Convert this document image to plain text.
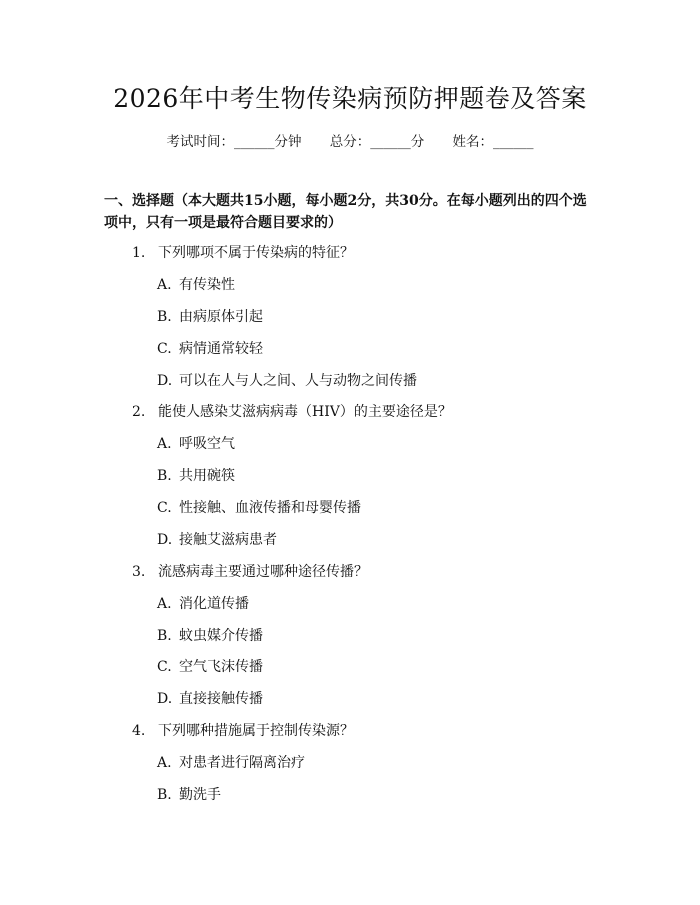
2026年中考生物传染病预防押题卷及答案
考试时间：______分钟 总分：______分 姓名：______
一、选择题（本大题共15小题，每小题2分，共30分。在每小题列出的四个选
项中，只有一项是最符合题目要求的）
1. 下列哪项不属于传染病的特征？
A. 有传染性
B. 由病原体引起
C. 病情通常较轻
D. 可以在人与人之间、人与动物之间传播
2. 能使人感染艾滋病病毒（HIV）的主要途径是？
A. 呼吸空气
B. 共用碗筷
C. 性接触、血液传播和母婴传播
D. 接触艾滋病患者
3. 流感病毒主要通过哪种途径传播？
A. 消化道传播
B. 蚊虫媒介传播
C. 空气飞沫传播
D. 直接接触传播
4. 下列哪种措施属于控制传染源？
A. 对患者进行隔离治疗
B. 勤洗手
